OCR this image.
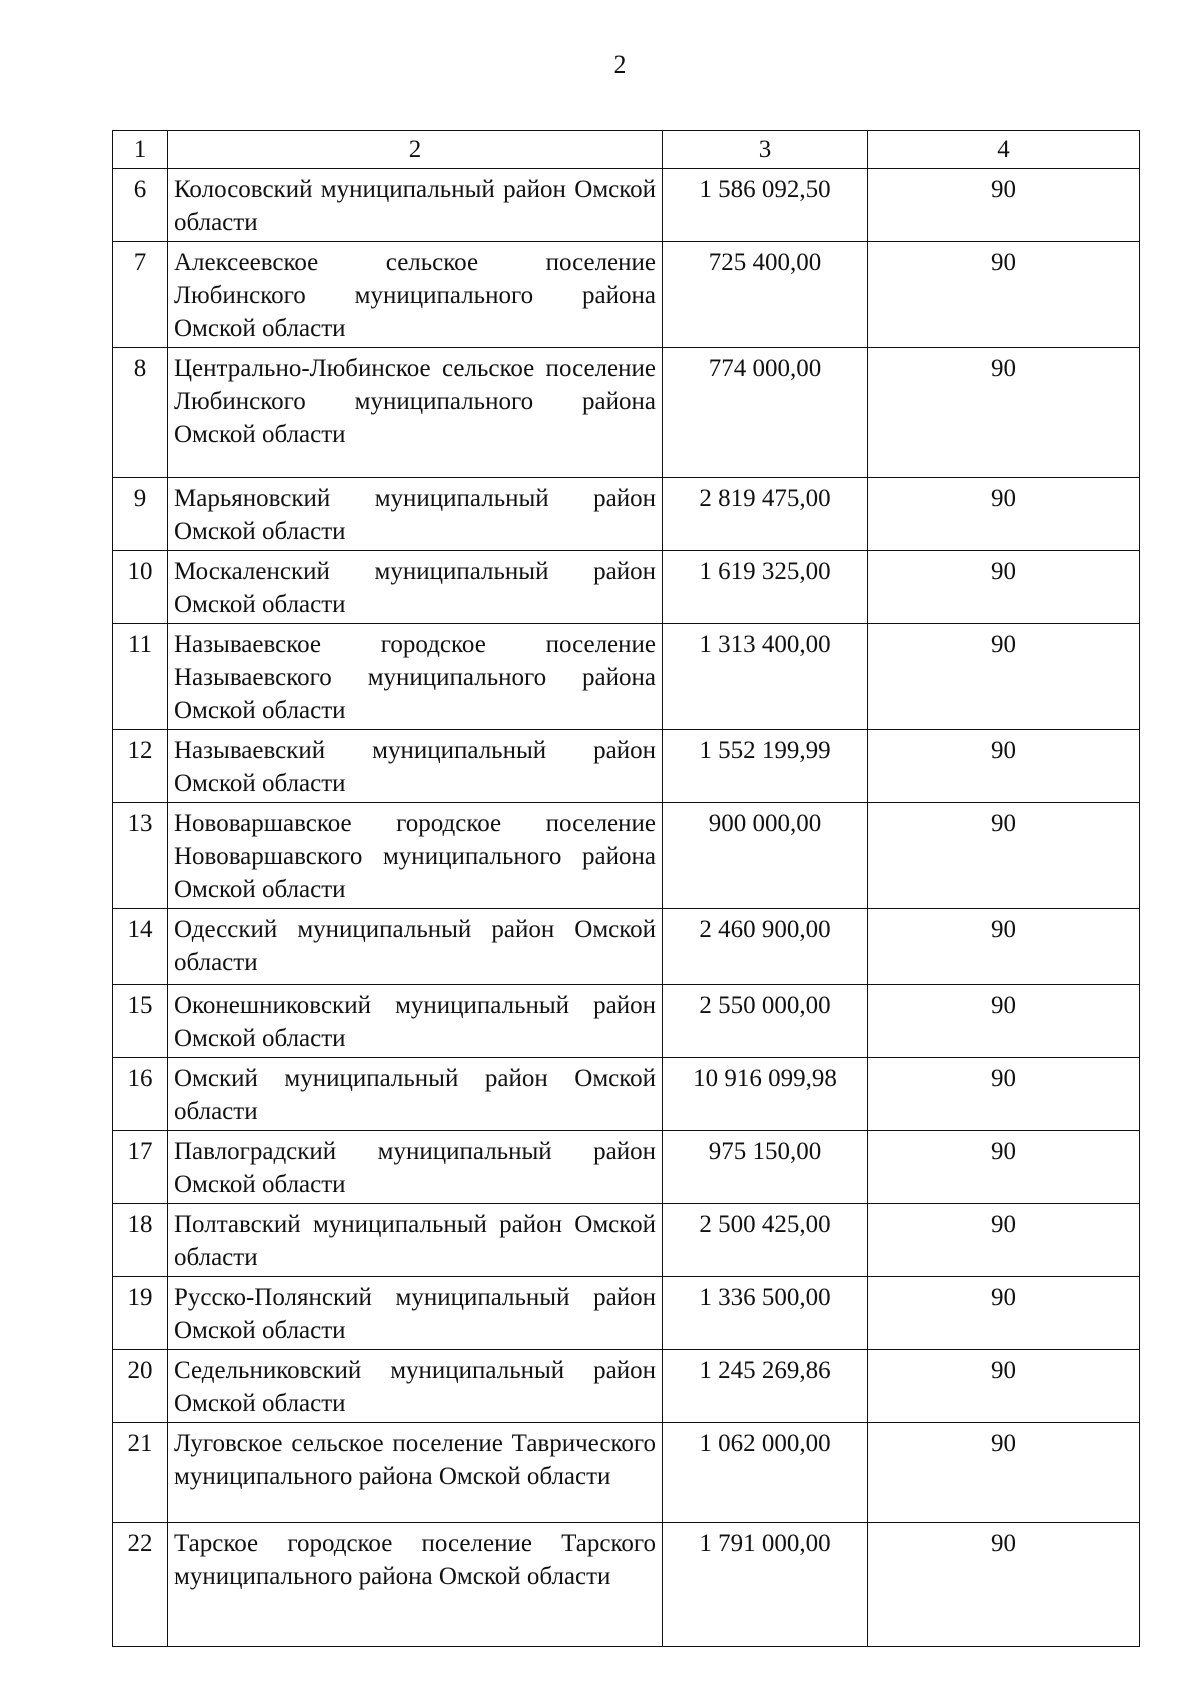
2
1	2	3	4
6	Колосовский муниципальный район Омской области	1 586 092,50	90
7	Алексеевское сельское поселение Любинского муниципального района Омской области	725 400,00	90
8	Центрально-Любинское сельское поселение Любинского муниципального района Омской области	774 000,00	90
9	Марьяновский муниципальный район Омской области	2 819 475,00	90
10	Москаленский муниципальный район Омской области	1 619 325,00	90
11	Называевское городское поселение Называевского муниципального района Омской области	1 313 400,00	90
12	Называевский муниципальный район Омской области	1 552 199,99	90
13	Нововаршавское городское поселение Нововаршавского муниципального района Омской области	900 000,00	90
14	Одесский муниципальный район Омской области	2 460 900,00	90
15	Оконешниковский муниципальный район Омской области	2 550 000,00	90
16	Омский муниципальный район Омской области	10 916 099,98	90
17	Павлоградский муниципальный район Омской области	975 150,00	90
18	Полтавский муниципальный район Омской области	2 500 425,00	90
19	Русско-Полянский муниципальный район Омской области	1 336 500,00	90
20	Седельниковский муниципальный район Омской области	1 245 269,86	90
21	Луговское сельское поселение Таврического муниципального района Омской области	1 062 000,00	90
22	Тарское городское поселение Тарского муниципального района Омской области	1 791 000,00	90
